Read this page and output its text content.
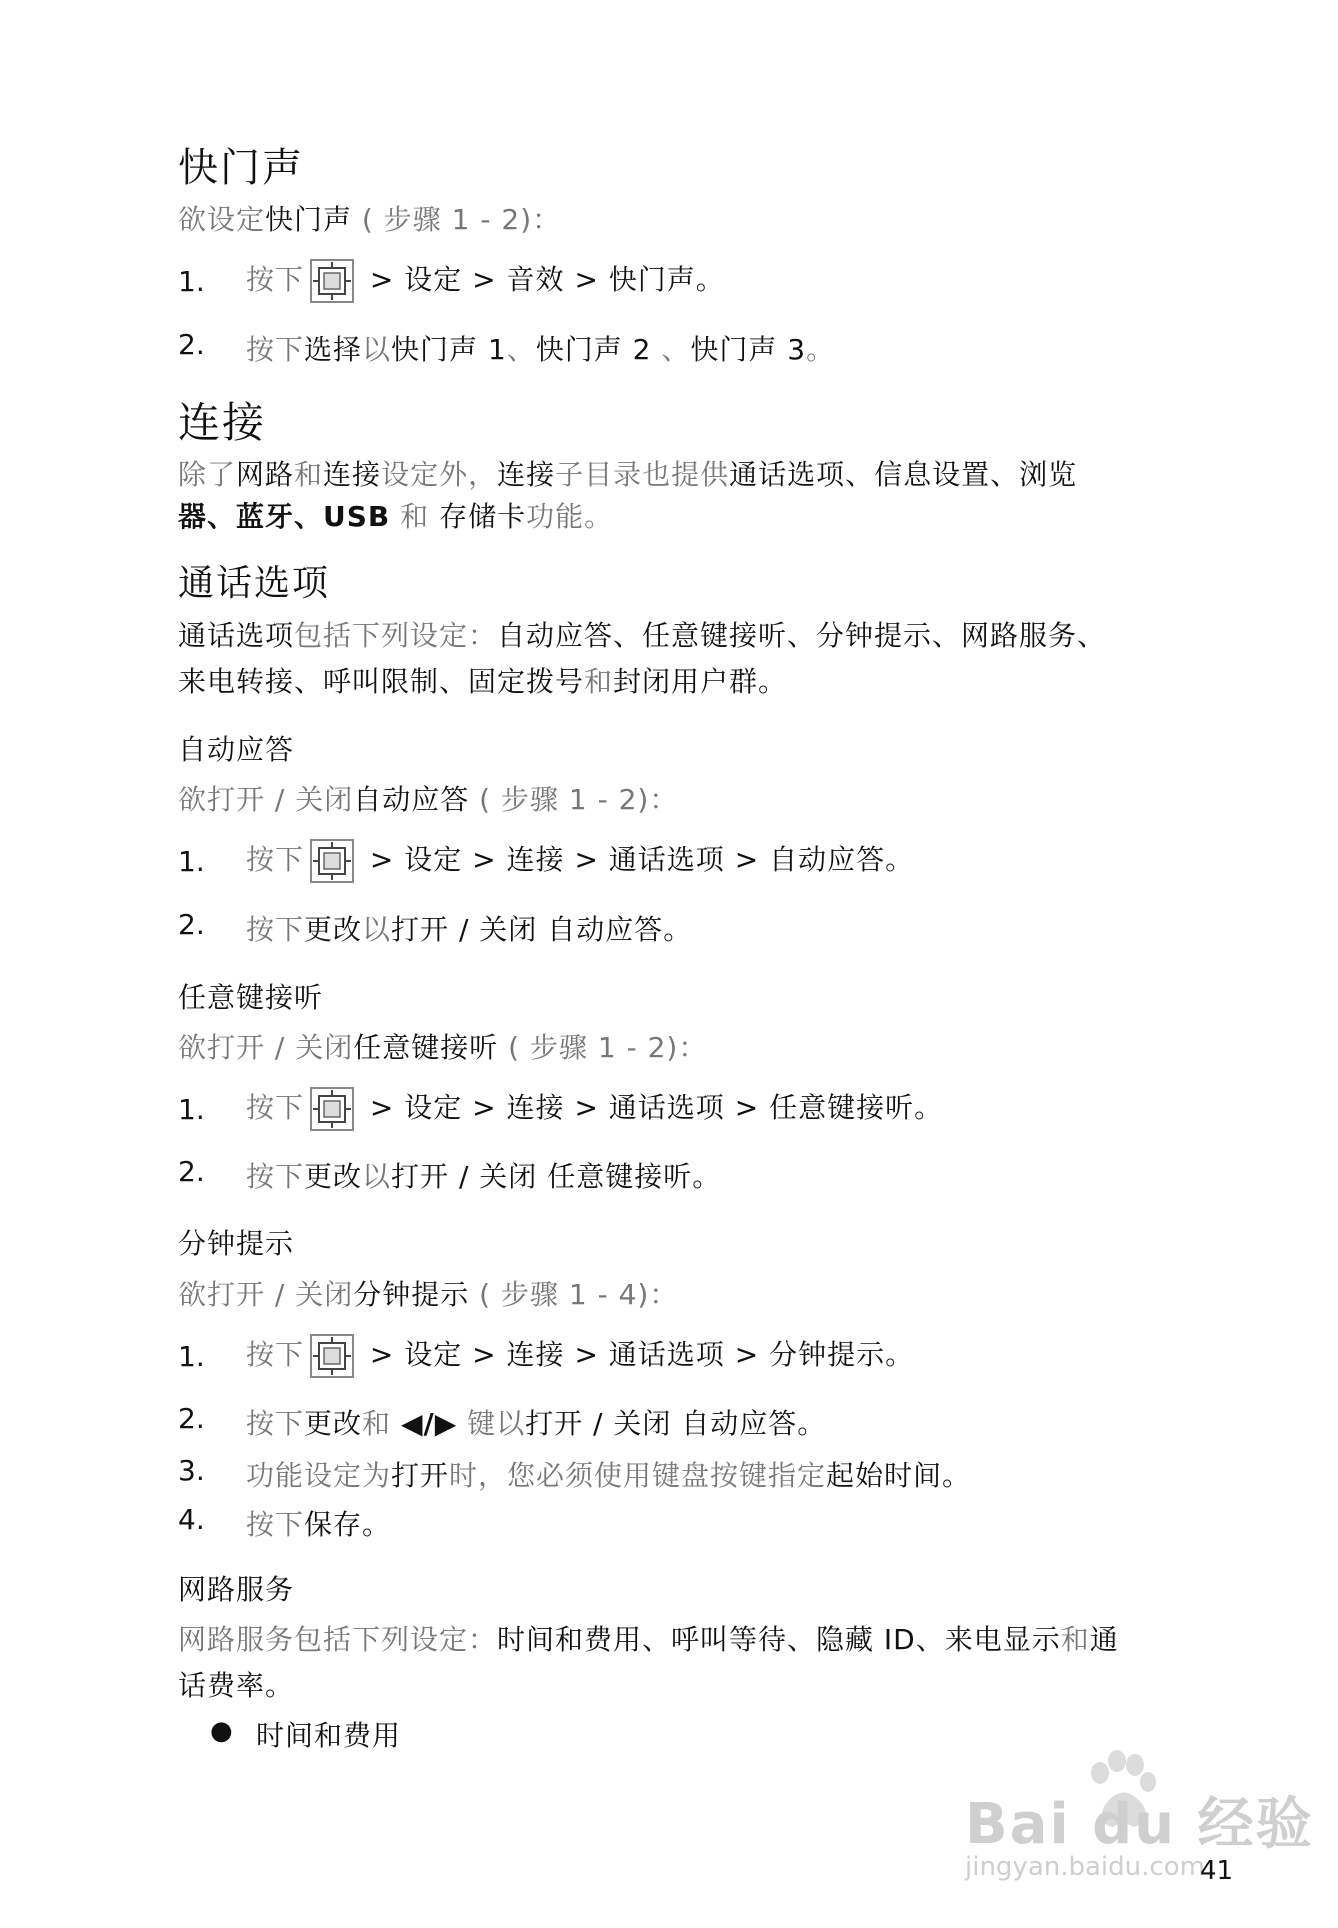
快门声
欲设定快门声 ( 步骤 1 - 2)：
1. 按下 > 设定 > 音效 > 快门声。
2. 按下选择以快门声 1、快门声 2 、快门声 3。
连接
除了网路和连接设定外，连接子目录也提供通话选项、信息设置、浏览
器、蓝牙、USB 和 存储卡功能。
通话选项
通话选项包括下列设定：自动应答、任意键接听、分钟提示、网路服务、
来电转接、呼叫限制、固定拨号和封闭用户群。
自动应答
欲打开 / 关闭自动应答 ( 步骤 1 - 2)：
1. 按下 > 设定 > 连接 > 通话选项 > 自动应答。
2. 按下更改以打开 / 关闭 自动应答。
任意键接听
欲打开 / 关闭任意键接听 ( 步骤 1 - 2)：
1. 按下 > 设定 > 连接 > 通话选项 > 任意键接听。
2. 按下更改以打开 / 关闭 任意键接听。
分钟提示
欲打开 / 关闭分钟提示 ( 步骤 1 - 4)：
1. 按下 > 设定 > 连接 > 通话选项 > 分钟提示。
2. 按下更改和 ◀/▶ 键以打开 / 关闭 自动应答。
3. 功能设定为打开时，您必须使用键盘按键指定起始时间。
4. 按下保存。
网路服务
网路服务包括下列设定：时间和费用、呼叫等待、隐藏 ID、来电显示和通
话费率。
● 时间和费用
Bai du 经验
jingyan.baidu.com
41
